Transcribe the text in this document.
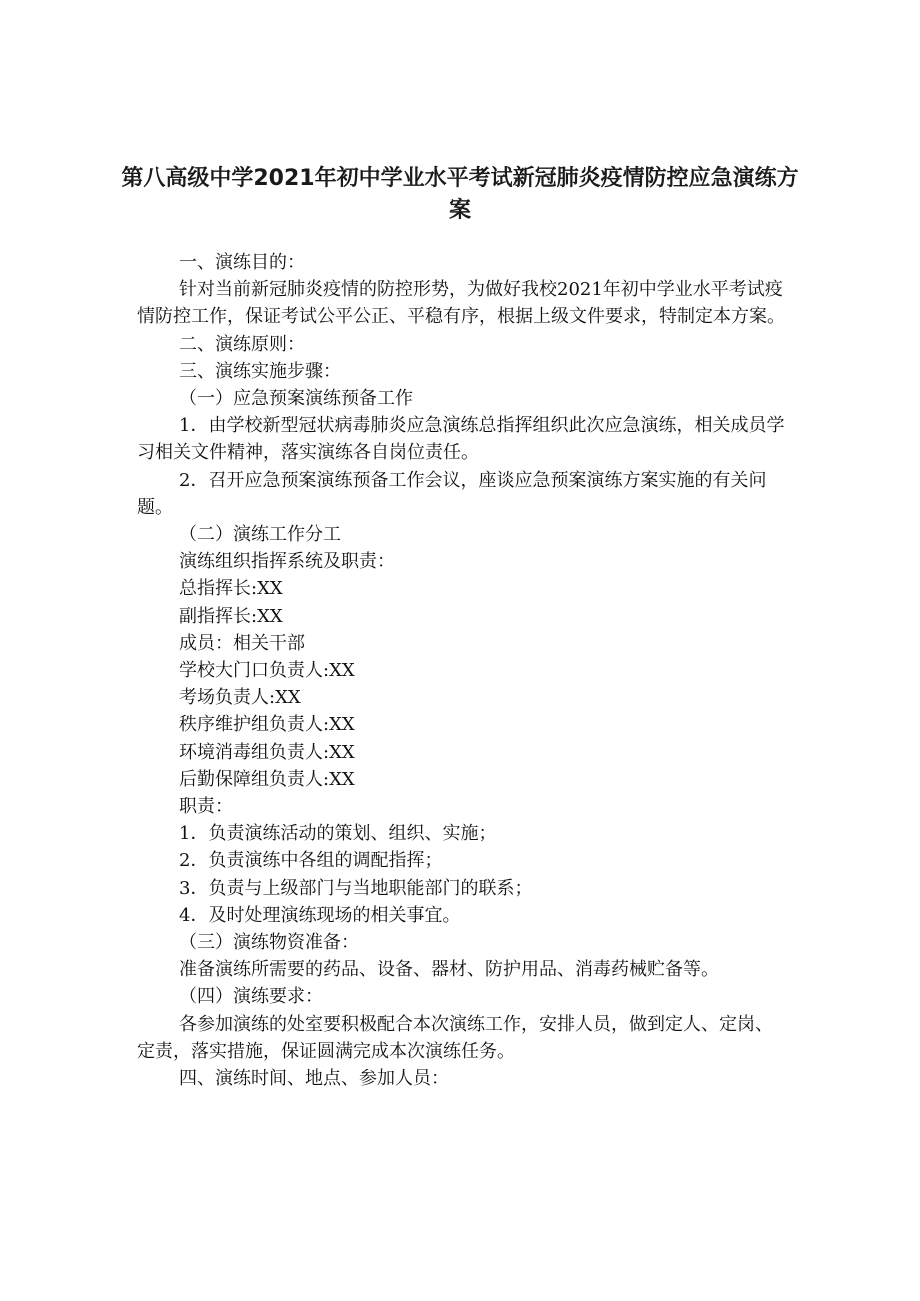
第八高级中学2021年初中学业水平考试新冠肺炎疫情防控应急演练方案

一、演练目的：

针对当前新冠肺炎疫情的防控形势，为做好我校2021年初中学业水平考试疫情防控工作，保证考试公平公正、平稳有序，根据上级文件要求，特制定本方案。

二、演练原则：

三、演练实施步骤：

（一）应急预案演练预备工作

1．由学校新型冠状病毒肺炎应急演练总指挥组织此次应急演练，相关成员学习相关文件精神，落实演练各自岗位责任。

2．召开应急预案演练预备工作会议，座谈应急预案演练方案实施的有关问题。

（二）演练工作分工

演练组织指挥系统及职责：

总指挥长:XX

副指挥长:XX

成员：相关干部

学校大门口负责人:XX

考场负责人:XX

秩序维护组负责人:XX

环境消毒组负责人:XX

后勤保障组负责人:XX

职责：

1．负责演练活动的策划、组织、实施；

2．负责演练中各组的调配指挥；

3．负责与上级部门与当地职能部门的联系；

4．及时处理演练现场的相关事宜。

（三）演练物资准备：

准备演练所需要的药品、设备、器材、防护用品、消毒药械贮备等。

（四）演练要求：

各参加演练的处室要积极配合本次演练工作，安排人员，做到定人、定岗、定责，落实措施，保证圆满完成本次演练任务。

四、演练时间、地点、参加人员：
